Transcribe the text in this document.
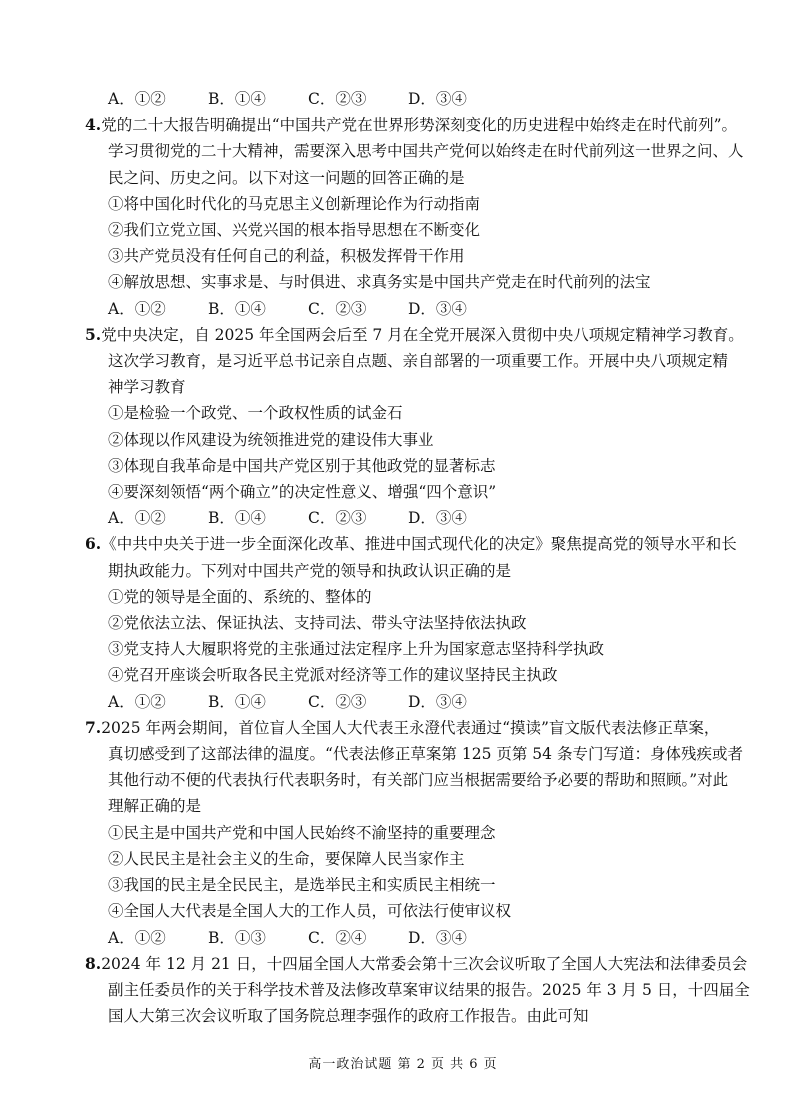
A．①②	B．①④	C．②③	D．③④
4.党的二十大报告明确提出“中国共产党在世界形势深刻变化的历史进程中始终走在时代前列”。
学习贯彻党的二十大精神，需要深入思考中国共产党何以始终走在时代前列这一世界之问、人
民之问、历史之问。以下对这一问题的回答正确的是
①将中国化时代化的马克思主义创新理论作为行动指南
②我们立党立国、兴党兴国的根本指导思想在不断变化
③共产党员没有任何自己的利益，积极发挥骨干作用
④解放思想、实事求是、与时俱进、求真务实是中国共产党走在时代前列的法宝
A．①②	B．①④	C．②③	D．③④
5.党中央决定，自 2025 年全国两会后至 7 月在全党开展深入贯彻中央八项规定精神学习教育。
这次学习教育，是习近平总书记亲自点题、亲自部署的一项重要工作。开展中央八项规定精
神学习教育
①是检验一个政党、一个政权性质的试金石
②体现以作风建设为统领推进党的建设伟大事业
③体现自我革命是中国共产党区别于其他政党的显著标志
④要深刻领悟“两个确立”的决定性意义、增强“四个意识”
A．①②	B．①④	C．②③	D．③④
6.《中共中央关于进一步全面深化改革、推进中国式现代化的决定》聚焦提高党的领导水平和长
期执政能力。下列对中国共产党的领导和执政认识正确的是
①党的领导是全面的、系统的、整体的
②党依法立法、保证执法、支持司法、带头守法坚持依法执政
③党支持人大履职将党的主张通过法定程序上升为国家意志坚持科学执政
④党召开座谈会听取各民主党派对经济等工作的建议坚持民主执政
A．①②	B．①④	C．②③	D．③④
7.2025 年两会期间，首位盲人全国人大代表王永澄代表通过“摸读”盲文版代表法修正草案，
真切感受到了这部法律的温度。“代表法修正草案第 125 页第 54 条专门写道：身体残疾或者
其他行动不便的代表执行代表职务时，有关部门应当根据需要给予必要的帮助和照顾。”对此
理解正确的是
①民主是中国共产党和中国人民始终不渝坚持的重要理念
②人民民主是社会主义的生命，要保障人民当家作主
③我国的民主是全民民主，是选举民主和实质民主相统一
④全国人大代表是全国人大的工作人员，可依法行使审议权
A．①②	B．①③	C．②④	D．③④
8.2024 年 12 月 21 日，十四届全国人大常委会第十三次会议听取了全国人大宪法和法律委员会
副主任委员作的关于科学技术普及法修改草案审议结果的报告。2025 年 3 月 5 日，十四届全
国人大第三次会议听取了国务院总理李强作的政府工作报告。由此可知
高一政治试题 第 2 页 共 6 页
